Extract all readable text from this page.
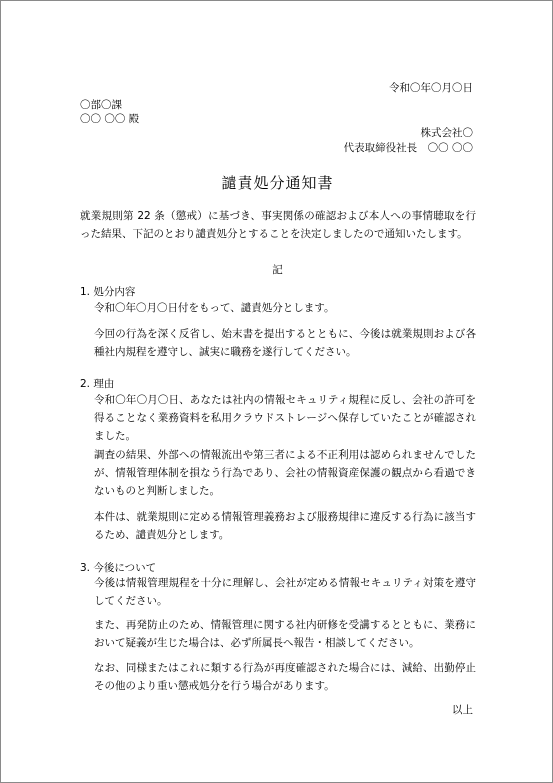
令和〇年〇月〇日
〇部〇課
〇〇 〇〇 殿
株式会社〇
代表取締役社長　〇〇 〇〇
譴責処分通知書
就業規則第 22 条（懲戒）に基づき、事実関係の確認および本人への事情聴取を行った結果、下記のとおり譴責処分とすることを決定しましたので通知いたします。
記
1. 処分内容
令和〇年〇月〇日付をもって、譴責処分とします。
今回の行為を深く反省し、始末書を提出するとともに、今後は就業規則および各種社内規程を遵守し、誠実に職務を遂行してください。
2. 理由
令和〇年〇月〇日、あなたは社内の情報セキュリティ規程に反し、会社の許可を得ることなく業務資料を私用クラウドストレージへ保存していたことが確認されました。
調査の結果、外部への情報流出や第三者による不正利用は認められませんでしたが、情報管理体制を損なう行為であり、会社の情報資産保護の観点から看過できないものと判断しました。
本件は、就業規則に定める情報管理義務および服務規律に違反する行為に該当するため、譴責処分とします。
3. 今後について
今後は情報管理規程を十分に理解し、会社が定める情報セキュリティ対策を遵守してください。
また、再発防止のため、情報管理に関する社内研修を受講するとともに、業務において疑義が生じた場合は、必ず所属長へ報告・相談してください。
なお、同様またはこれに類する行為が再度確認された場合には、減給、出勤停止その他のより重い懲戒処分を行う場合があります。
以上
